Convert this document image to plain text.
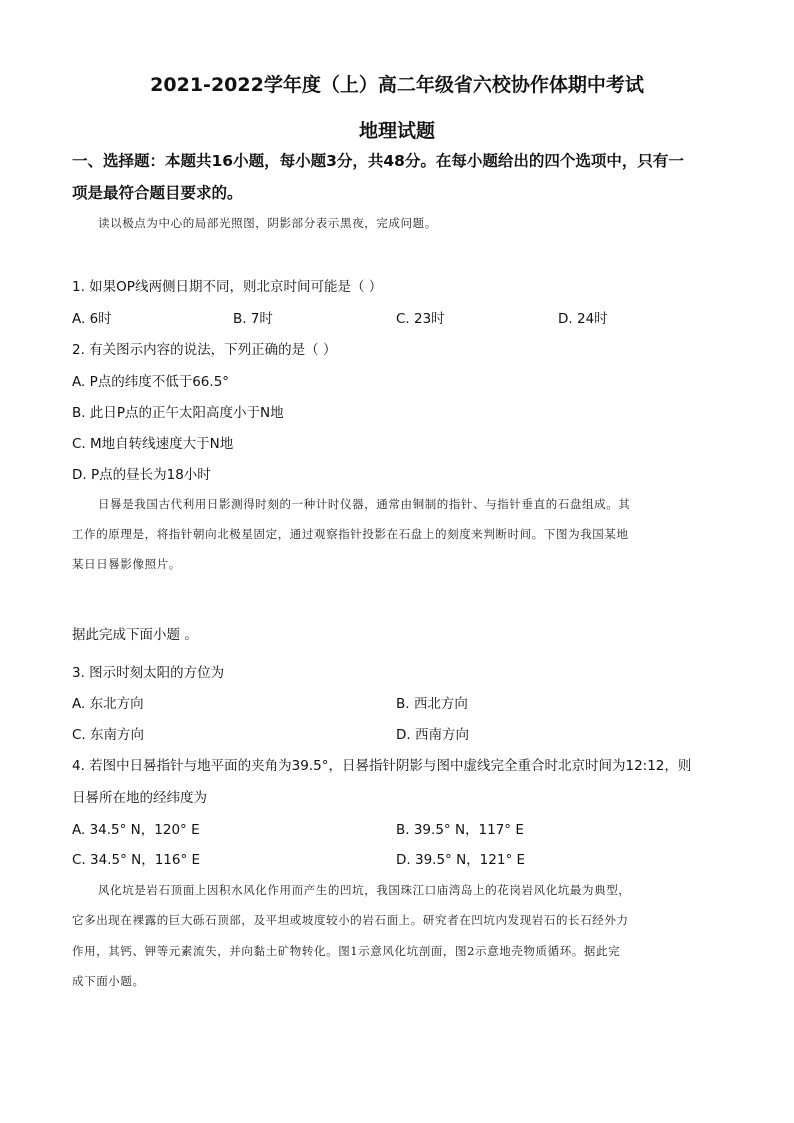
2021-2022学年度（上）高二年级省六校协作体期中考试
地理试题
一、选择题：本题共16小题，每小题3分，共48分。在每小题给出的四个选项中，只有一
项是最符合题目要求的。
读以极点为中心的局部光照图，阴影部分表示黑夜，完成问题。
1. 如果OP线两侧日期不同，则北京时间可能是（ ）
A. 6时	B. 7时	C. 23时	D. 24时
2. 有关图示内容的说法，下列正确的是（ ）
A. P点的纬度不低于66.5°
B. 此日P点的正午太阳高度小于N地
C. M地自转线速度大于N地
D. P点的昼长为18小时
日晷是我国古代利用日影测得时刻的一种计时仪器，通常由铜制的指针、与指针垂直的石盘组成。其
工作的原理是，将指针朝向北极星固定，通过观察指针投影在石盘上的刻度来判断时间。下图为我国某地
某日日晷影像照片。
据此完成下面小题 。
3. 图示时刻太阳的方位为
A. 东北方向	B. 西北方向
C. 东南方向	D. 西南方向
4. 若图中日晷指针与地平面的夹角为39.5°，日晷指针阴影与图中虚线完全重合时北京时间为12:12，则
日晷所在地的经纬度为
A. 34.5° N，120° E	B. 39.5° N，117° E
C. 34.5° N，116° E	D. 39.5° N，121° E
风化坑是岩石顶面上因积水风化作用而产生的凹坑，我国珠江口庙湾岛上的花岗岩风化坑最为典型，
它多出现在裸露的巨大砾石顶部，及平坦或坡度较小的岩石面上。研究者在凹坑内发现岩石的长石经外力
作用，其钙、钾等元素流失，并向黏土矿物转化。图1示意风化坑剖面，图2示意地壳物质循环。据此完
成下面小题。
